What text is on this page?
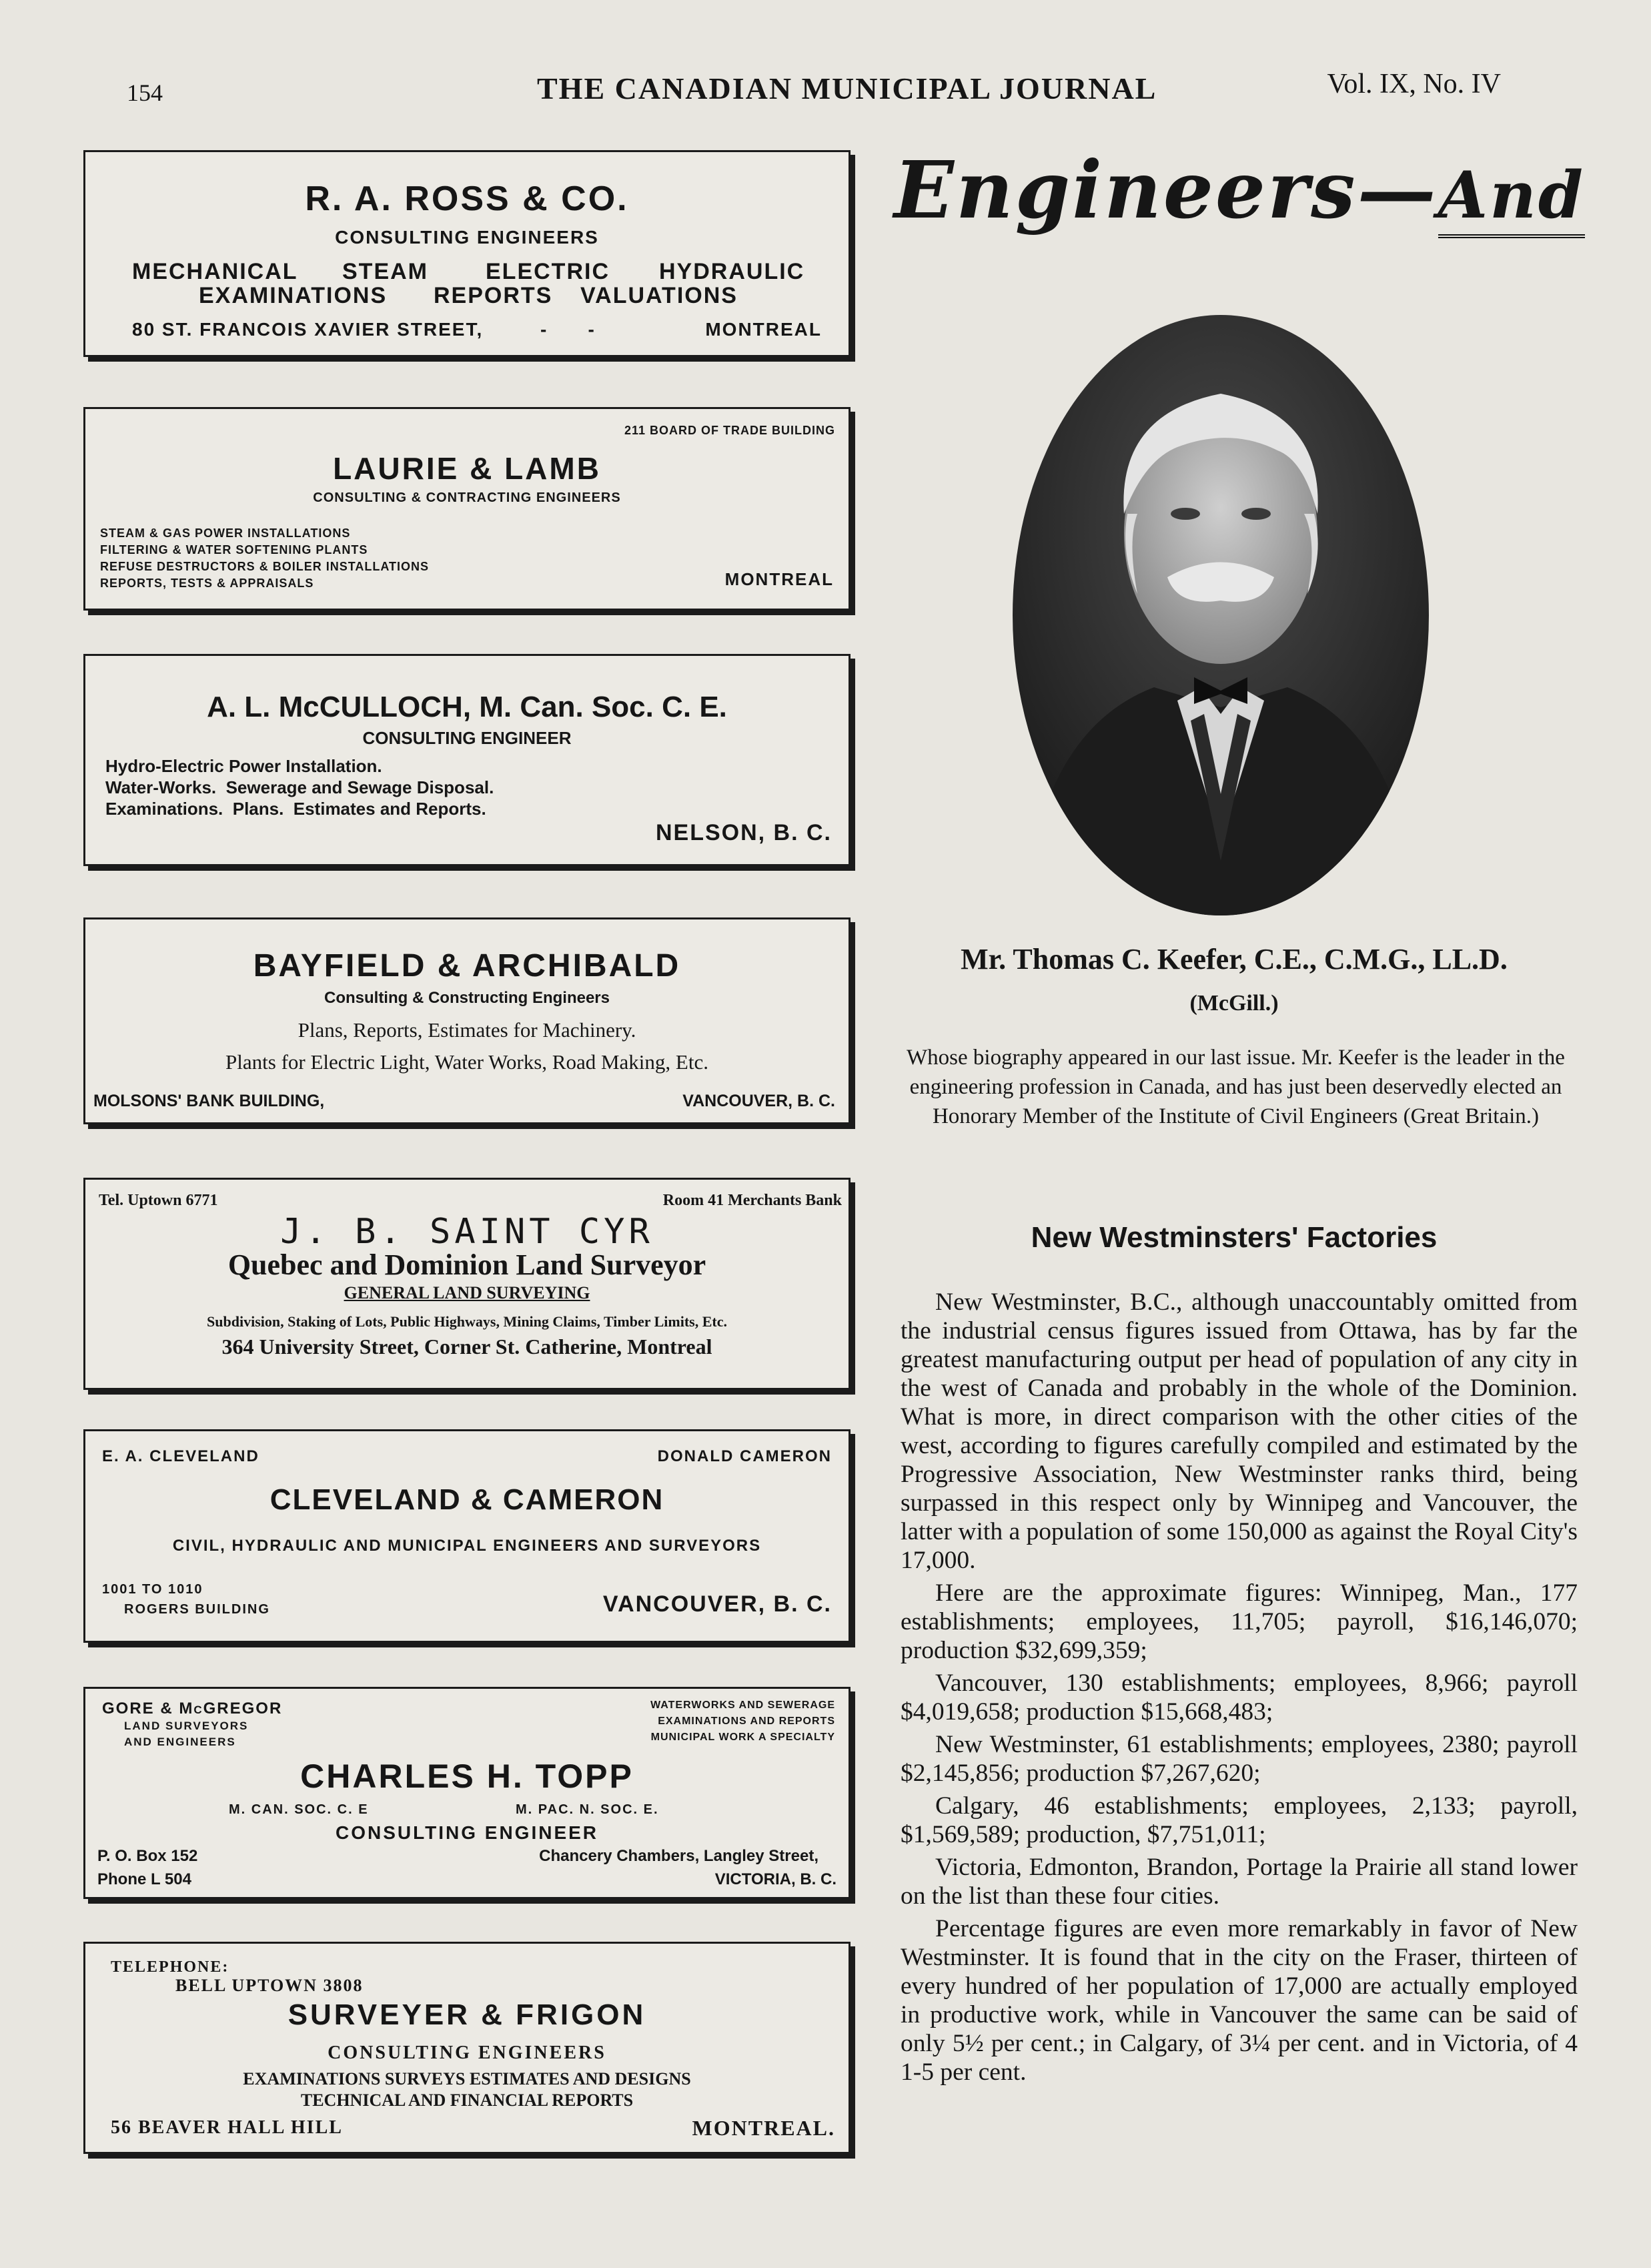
154	THE CANADIAN MUNICIPAL JOURNAL	Vol. IX, No. IV
R. A. ROSS & CO.
CONSULTING ENGINEERS
MECHANICAL STEAM	ELECTRIC HYDRAULIC
EXAMINATIONS REPORTS VALUATIONS
80 ST. FRANCOIS XAVIER STREET,	-        -	MONTREAL
211 BOARD OF TRADE BUILDING
LAURIE & LAMB
CONSULTING & CONTRACTING ENGINEERS
STEAM & GAS POWER INSTALLATIONS
FILTERING & WATER SOFTENING PLANTS
REFUSE DESTRUCTORS & BOILER INSTALLATIONS
REPORTS, TESTS & APPRAISALS	MONTREAL
A. L. McCULLOCH, M. Can. Soc. C. E.
CONSULTING ENGINEER
Hydro-Electric Power Installation.
Water-Works.  Sewerage and Sewage Disposal.
Examinations.  Plans.  Estimates and Reports.
NELSON, B. C.
BAYFIELD & ARCHIBALD
Consulting & Constructing Engineers
Plans, Reports, Estimates for Machinery.
Plants for Electric Light, Water Works, Road Making, Etc.
MOLSONS' BANK BUILDING,	VANCOUVER, B. C.
Tel. Uptown 6771	Room 41 Merchants Bank
J. B. SAINT CYR
Quebec and Dominion Land Surveyor
GENERAL LAND SURVEYING
Subdivision, Staking of Lots, Public Highways, Mining Claims, Timber Limits, Etc.
364 University Street, Corner St. Catherine, Montreal
E. A. CLEVELAND	DONALD CAMERON
CLEVELAND & CAMERON
CIVIL, HYDRAULIC AND MUNICIPAL ENGINEERS AND SURVEYORS
1001 TO 1010
ROGERS BUILDING	VANCOUVER, B. C.
GORE & McGREGOR
LAND SURVEYORS
AND ENGINEERS
WATERWORKS AND SEWERAGE
EXAMINATIONS AND REPORTS
MUNICIPAL WORK A SPECIALTY
CHARLES H. TOPP
M. CAN. SOC. C. E	M. PAC. N. SOC. E.
CONSULTING ENGINEER
P. O. Box 152	Chancery Chambers, Langley Street,
Phone L 504	VICTORIA, B. C.
TELEPHONE:
BELL UPTOWN 3808
SURVEYER & FRIGON
CONSULTING ENGINEERS
EXAMINATIONS SURVEYS ESTIMATES AND DESIGNS
TECHNICAL AND FINANCIAL REPORTS
56 BEAVER HALL HILL	MONTREAL.
Engineers—And
Mr. Thomas C. Keefer, C.E., C.M.G., LL.D.
(McGill.)
Whose biography appeared in our last issue. Mr. Keefer is the leader in the engineering profession in Canada, and has just been deservedly elected an Honorary Member of the Institute of Civil Engineers (Great Britain.)
New Westminsters' Factories

New Westminster, B.C., although unaccountably omitted from the industrial census figures issued from Ottawa, has by far the greatest manufacturing output per head of population of any city in the west of Canada and probably in the whole of the Dominion. What is more, in direct comparison with the other cities of the west, according to figures carefully compiled and estimated by the Progressive Association, New Westminster ranks third, being surpassed in this respect only by Winnipeg and Vancouver, the latter with a population of some 150,000 as against the Royal City's 17,000.

Here are the approximate figures: Winnipeg, Man., 177 establishments; employees, 11,705; payroll, $16,146,070; production $32,699,359;

Vancouver, 130 establishments; employees, 8,966; payroll $4,019,658; production $15,668,483;

New Westminster, 61 establishments; employees, 2380; payroll $2,145,856; production $7,267,620;

Calgary, 46 establishments; employees, 2,133; payroll, $1,569,589; production, $7,751,011;

Victoria, Edmonton, Brandon, Portage la Prairie all stand lower on the list than these four cities.

Percentage figures are even more remarkably in favor of New Westminster. It is found that in the city on the Fraser, thirteen of every hundred of her population of 17,000 are actually employed in productive work, while in Vancouver the same can be said of only 5½ per cent.; in Calgary, of 3¼ per cent. and in Victoria, of 4 1-5 per cent.
